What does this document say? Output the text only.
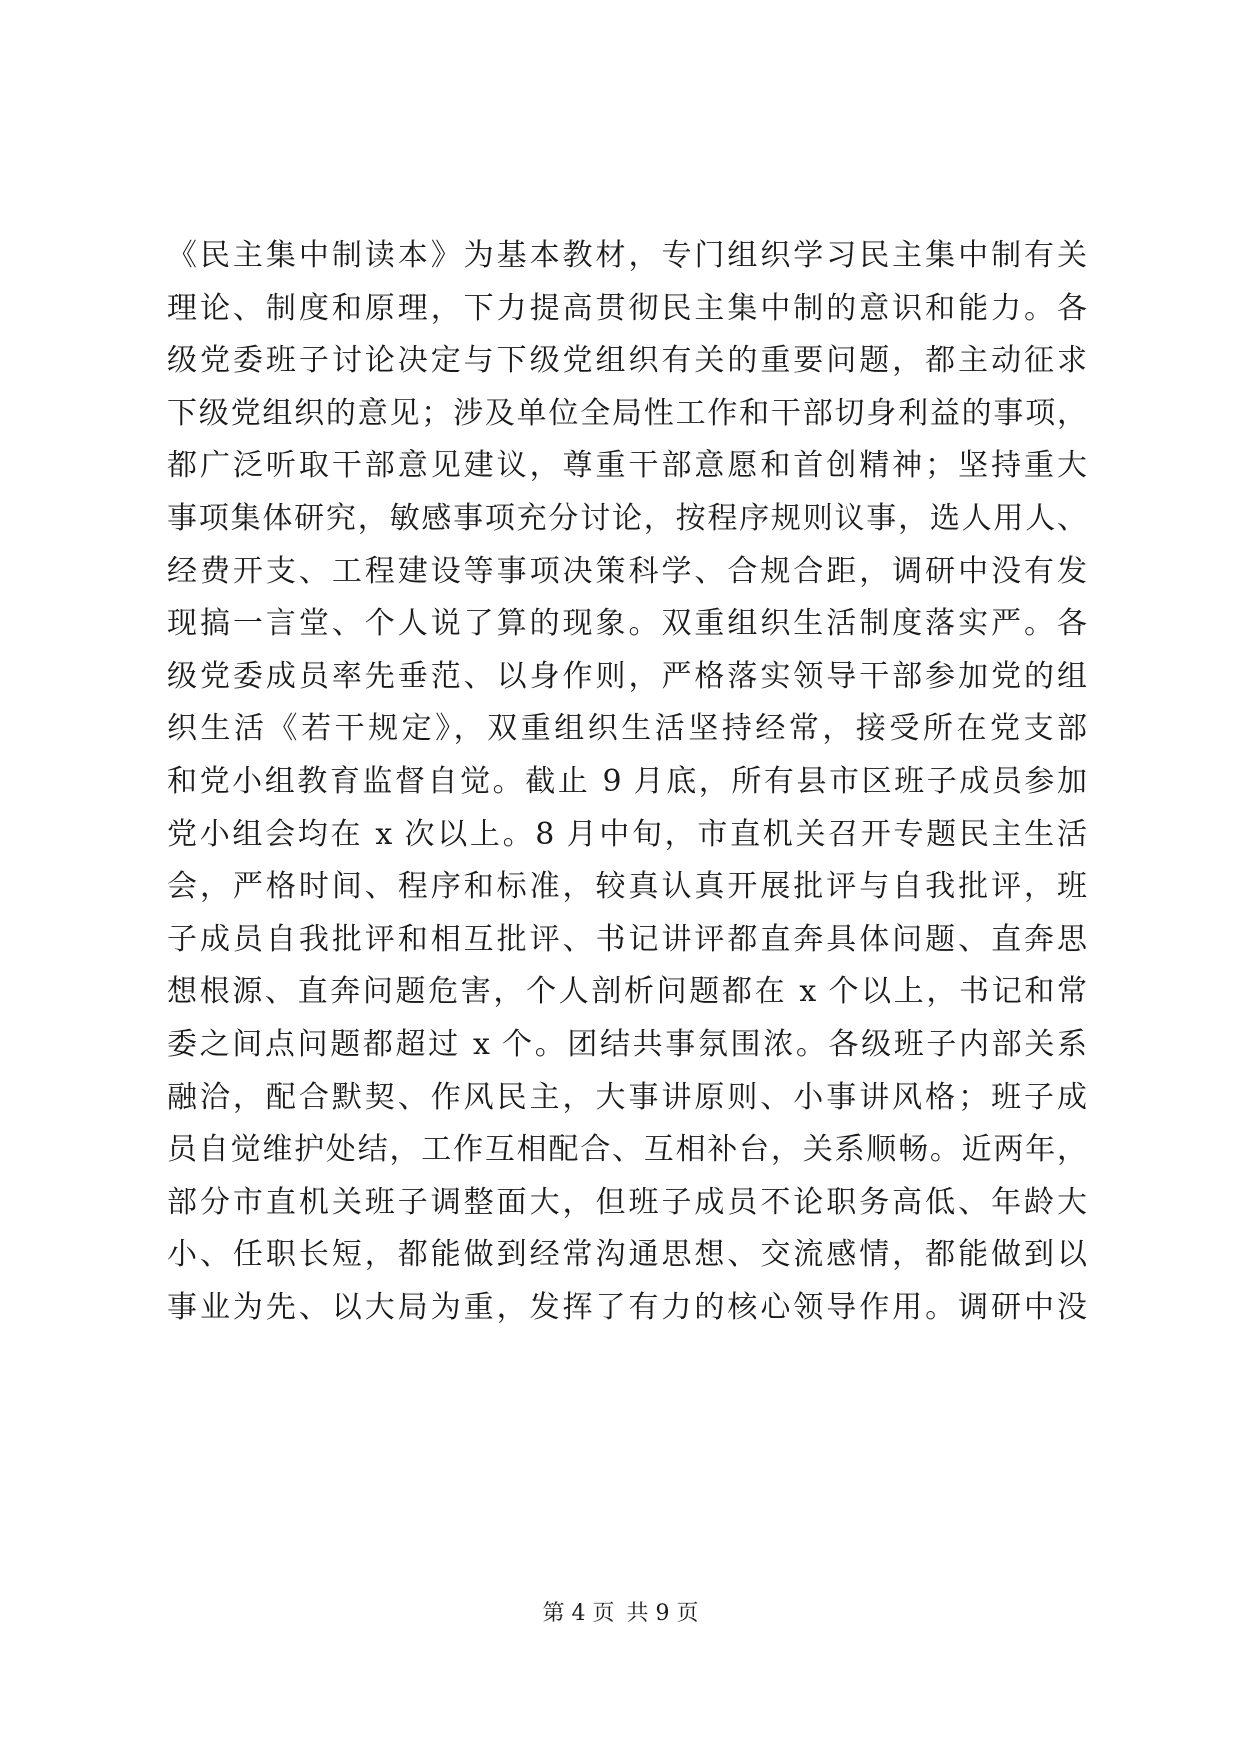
《民主集中制读本》为基本教材，专门组织学习民主集中制有关
理论、制度和原理，下力提高贯彻民主集中制的意识和能力。各
级党委班子讨论决定与下级党组织有关的重要问题，都主动征求
下级党组织的意见；涉及单位全局性工作和干部切身利益的事项，
都广泛听取干部意见建议，尊重干部意愿和首创精神；坚持重大
事项集体研究，敏感事项充分讨论，按程序规则议事，选人用人、
经费开支、工程建设等事项决策科学、合规合距，调研中没有发
现搞一言堂、个人说了算的现象。双重组织生活制度落实严。各
级党委成员率先垂范、以身作则，严格落实领导干部参加党的组
织生活《若干规定》，双重组织生活坚持经常，接受所在党支部
和党小组教育监督自觉。截止 9 月底，所有县市区班子成员参加
党小组会均在 x 次以上。8 月中旬，市直机关召开专题民主生活
会，严格时间、程序和标准，较真认真开展批评与自我批评，班
子成员自我批评和相互批评、书记讲评都直奔具体问题、直奔思
想根源、直奔问题危害，个人剖析问题都在 x 个以上，书记和常
委之间点问题都超过 x 个。团结共事氛围浓。各级班子内部关系
融洽，配合默契、作风民主，大事讲原则、小事讲风格；班子成
员自觉维护处结，工作互相配合、互相补台，关系顺畅。近两年，
部分市直机关班子调整面大，但班子成员不论职务高低、年龄大
小、任职长短，都能做到经常沟通思想、交流感情，都能做到以
事业为先、以大局为重，发挥了有力的核心领导作用。调研中没
第 4 页 共 9 页
